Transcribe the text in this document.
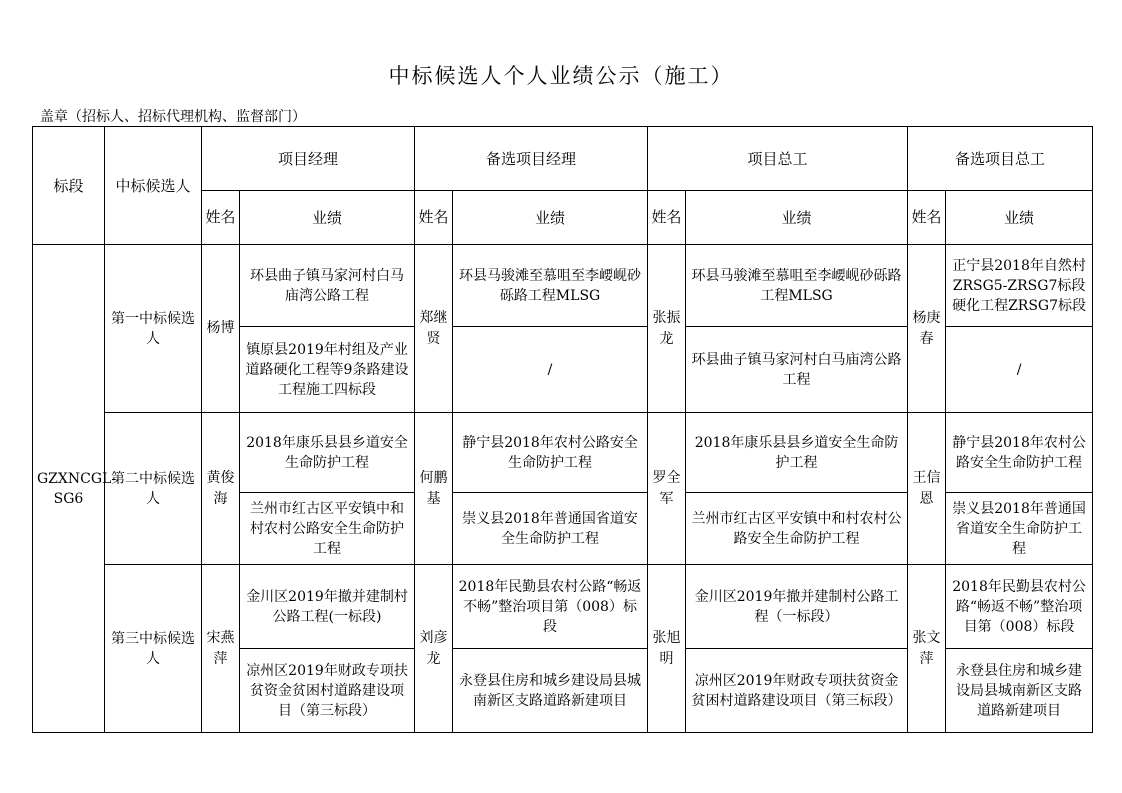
中标候选人个人业绩公示（施工）
盖章（招标人、招标代理机构、监督部门）
标段	中标候选人	项目经理		备选项目经理		项目总工		备选项目总工	
		姓名	业绩	姓名	业绩	姓名	业绩	姓名	业绩
GZXNCGL-SG6	第一中标候选人	杨博	环县曲子镇马家河村白马庙湾公路工程	郑继贤	环县马骏滩至慕咀至李崾岘砂砾路工程MLSG	张振龙	环县马骏滩至慕咀至李崾岘砂砾路工程MLSG	杨庚春	正宁县2018年自然村ZRSG5-ZRSG7标段硬化工程ZRSG7标段
			镇原县2019年村组及产业道路硬化工程等9条路建设工程施工四标段		/		环县曲子镇马家河村白马庙湾公路工程		/
	第二中标候选人	黄俊海	2018年康乐县县乡道安全生命防护工程	何鹏基	静宁县2018年农村公路安全生命防护工程	罗全军	2018年康乐县县乡道安全生命防护工程	王信恩	静宁县2018年农村公路安全生命防护工程
			兰州市红古区平安镇中和村农村公路安全生命防护工程		崇义县2018年普通国省道安全生命防护工程		兰州市红古区平安镇中和村农村公路安全生命防护工程		崇义县2018年普通国省道安全生命防护工程
	第三中标候选人	宋燕萍	金川区2019年撤并建制村公路工程(一标段)	刘彦龙	2018年民勤县农村公路“畅返不畅”整治项目第（008）标段	张旭明	金川区2019年撤并建制村公路工程（一标段）	张文萍	2018年民勤县农村公路“畅返不畅”整治项目第（008）标段
			凉州区2019年财政专项扶贫资金贫困村道路建设项目（第三标段）		永登县住房和城乡建设局县城南新区支路道路新建项目		凉州区2019年财政专项扶贫资金贫困村道路建设项目（第三标段）		永登县住房和城乡建设局县城南新区支路道路新建项目
